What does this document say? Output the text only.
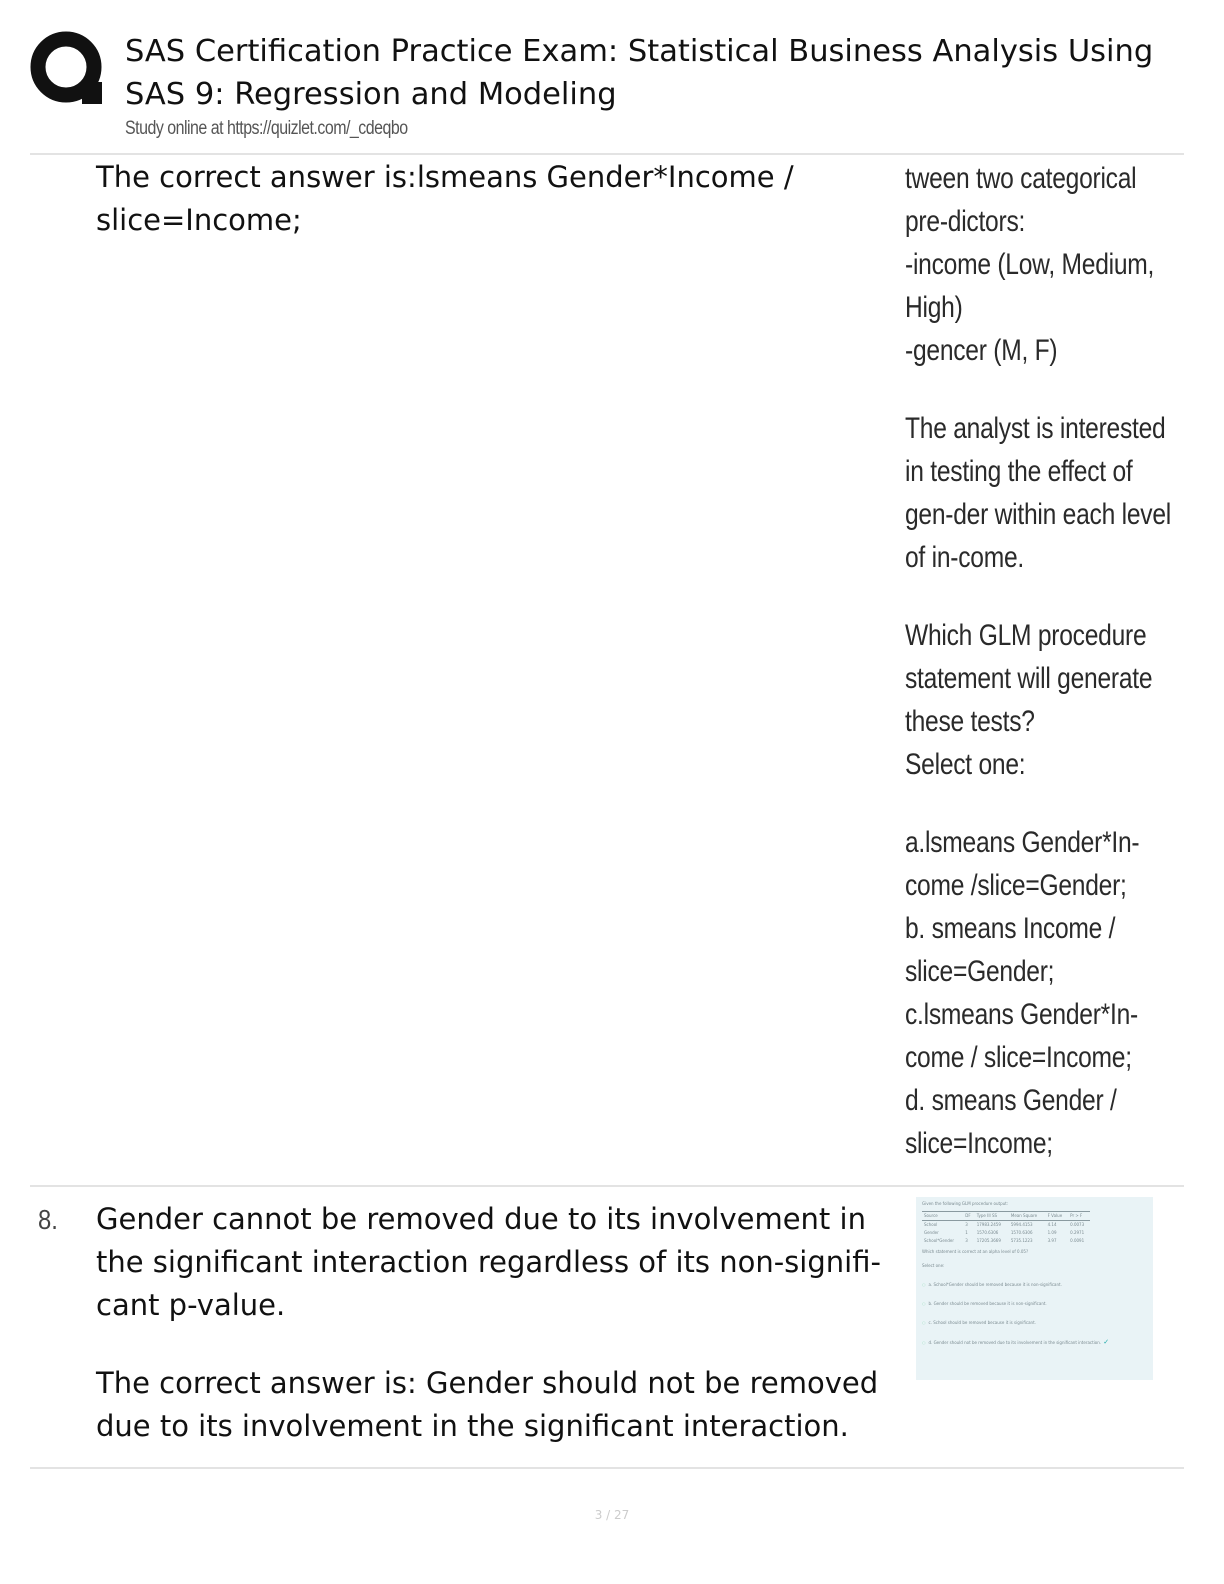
SAS Certification Practice Exam: Statistical Business Analysis Using SAS 9: Regression and Modeling
Study online at https://quizlet.com/_cdeqbo
The correct answer is:lsmeans Gender*Income / slice=Income;

tween two categorical pre-dictors:
-income (Low, Medium, High)
-gencer (M, F)

The analyst is interested in testing the effect of gen-der within each level of in-come.

Which GLM procedure statement will generate these tests?
Select one:

a.lsmeans Gender*In-come /slice=Gender;
b. smeans Income / slice=Gender;
c.lsmeans Gender*In-come / slice=Income;
d. smeans Gender / slice=Income;

8. Gender cannot be removed due to its involvement in the significant interaction regardless of its non-signifi-cant p-value.
The correct answer is: Gender should not be removed due to its involvement in the significant interaction.
Given the following GLM procedure output:
Source	DF	Type III SS	Mean Square	F Value	Pr > F
School	3	17983.2459	5994.4153	4.14	0.0073
Gender	1	1570.6306	1570.6306	1.09	0.2971
School*Gender	3	17205.3669	5735.1223	3.97	0.0091
Which statement is correct at an alpha level of 0.05?
Select one:
○ a. School*Gender should be removed because it is non-significant.
○ b. Gender should be removed because it is non-significant.
○ c. School should be removed because it is significant.
○ d. Gender should not be removed due to its involvement in the significant interaction. ✓
3 / 27
